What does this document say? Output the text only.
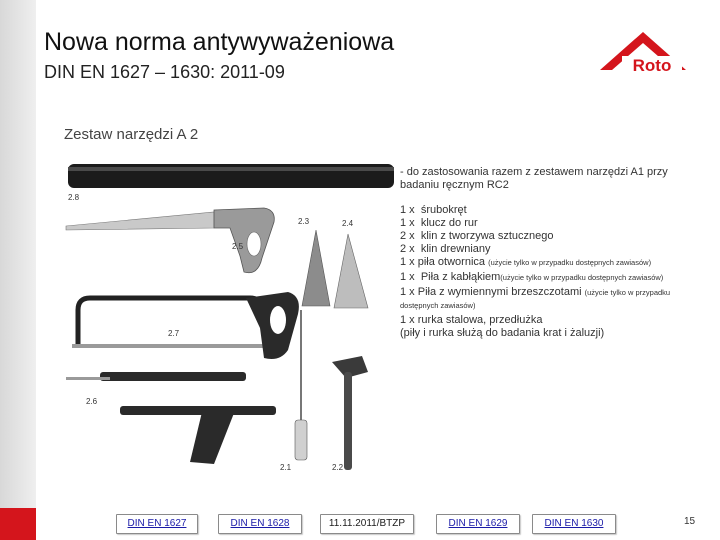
Nowa norma antywyważeniowa
DIN EN 1627 – 1630: 2011-09	Roto
Zestaw narzędzi A 2
2.8
2.5
2.3	2.4
2.7
2.6
2.1	2.2
- do zastosowania razem z zestawem narzędzi A1 przy badaniu ręcznym RC2
1 x śrubokręt
1 x klucz do rur
2 x klin z tworzywa sztucznego
2 x klin drewniany
1 x piła otwornica (użycie tylko w przypadku dostępnych zawiasów)
1 x Piła z kabłąkiem(użycie tylko w przypadku dostępnych zawiasów)
1 x Piła z wymiennymi brzeszczotami (użycie tylko w przypadku dostępnych zawiasów)
1 x rurka stalowa, przedłużka
(piły i rurka służą do badania krat i żaluzji)
DIN EN 1627	DIN EN 1628	11.11.2011/BTZP	DIN EN 1629	DIN EN 1630	15
